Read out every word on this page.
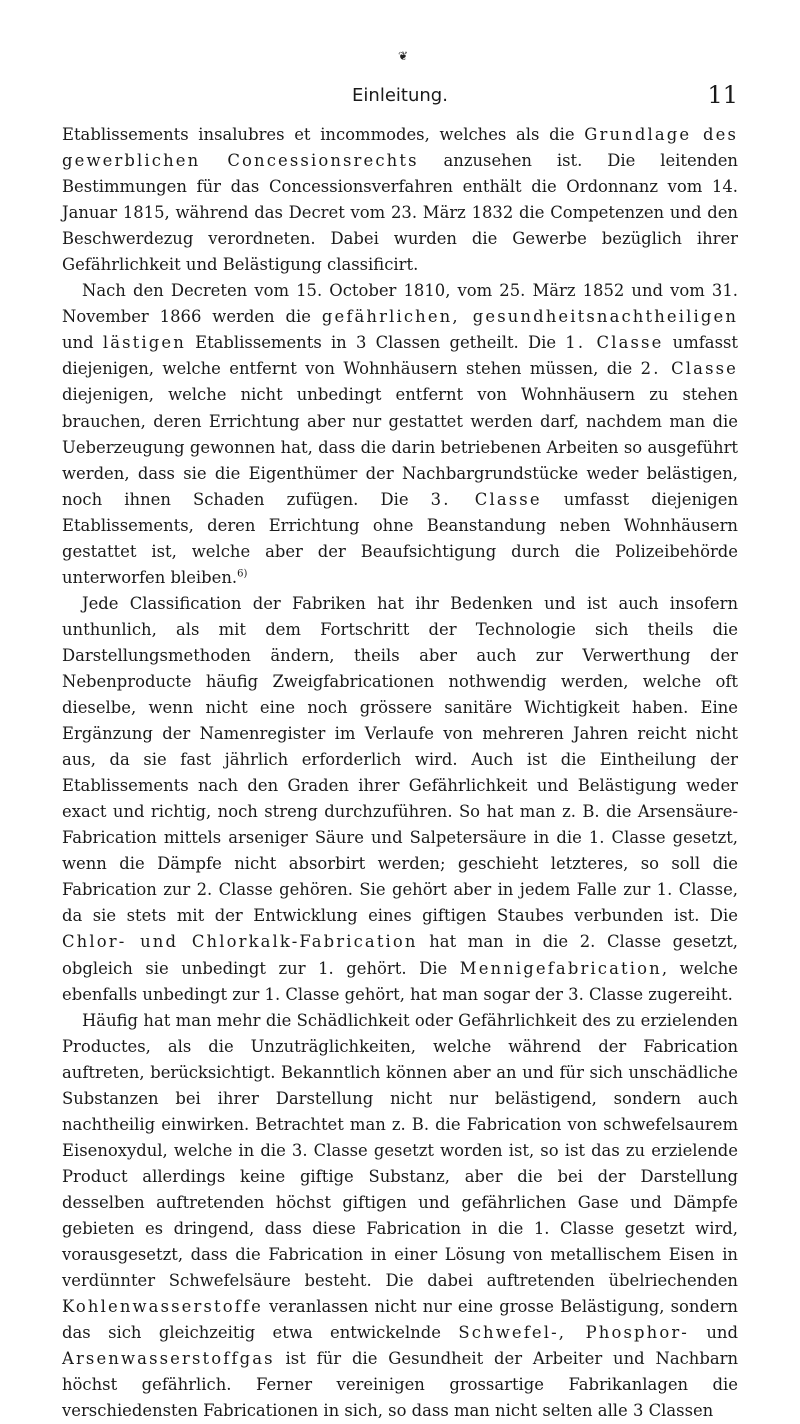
❦
Einleitung.	11

Etablissements insalubres et incommodes, welches als die Grundlage des gewerblichen Concessionsrechts anzusehen ist. Die leitenden Bestimmungen für das Concessionsverfahren enthält die Ordonnanz vom 14. Januar 1815, während das Decret vom 23. März 1832 die Competenzen und den Beschwerdezug verordneten. Dabei wurden die Gewerbe bezüglich ihrer Gefährlichkeit und Belästigung classificirt.

Nach den Decreten vom 15. October 1810, vom 25. März 1852 und vom 31. November 1866 werden die gefährlichen, gesundheitsnachtheiligen und lästigen Etablissements in 3 Classen getheilt. Die 1. Classe umfasst diejenigen, welche entfernt von Wohnhäusern stehen müssen, die 2. Classe diejenigen, welche nicht unbedingt entfernt von Wohnhäusern zu stehen brauchen, deren Errichtung aber nur gestattet werden darf, nachdem man die Ueberzeugung gewonnen hat, dass die darin betriebenen Arbeiten so ausgeführt werden, dass sie die Eigenthümer der Nachbargrundstücke weder belästigen, noch ihnen Schaden zufügen. Die 3. Classe umfasst diejenigen Etablissements, deren Errichtung ohne Beanstandung neben Wohnhäusern gestattet ist, welche aber der Beaufsichtigung durch die Polizeibehörde unterworfen bleiben.$^{6)}$

Jede Classification der Fabriken hat ihr Bedenken und ist auch insofern unthunlich, als mit dem Fortschritt der Technologie sich theils die Darstellungsmethoden ändern, theils aber auch zur Verwerthung der Nebenproducte häufig Zweigfabricationen nothwendig werden, welche oft dieselbe, wenn nicht eine noch grössere sanitäre Wichtigkeit haben. Eine Ergänzung der Namenregister im Verlaufe von mehreren Jahren reicht nicht aus, da sie fast jährlich erforderlich wird. Auch ist die Eintheilung der Etablissements nach den Graden ihrer Gefährlichkeit und Belästigung weder exact und richtig, noch streng durchzuführen. So hat man z. B. die Arsensäure-Fabrication mittels arseniger Säure und Salpetersäure in die 1. Classe gesetzt, wenn die Dämpfe nicht absorbirt werden; geschieht letzteres, so soll die Fabrication zur 2. Classe gehören. Sie gehört aber in jedem Falle zur 1. Classe, da sie stets mit der Entwicklung eines giftigen Staubes verbunden ist. Die Chlor- und Chlorkalk-Fabrication hat man in die 2. Classe gesetzt, obgleich sie unbedingt zur 1. gehört. Die Mennigefabrication, welche ebenfalls unbedingt zur 1. Classe gehört, hat man sogar der 3. Classe zugereiht.

Häufig hat man mehr die Schädlichkeit oder Gefährlichkeit des zu erzielenden Productes, als die Unzuträglichkeiten, welche während der Fabrication auftreten, berücksichtigt. Bekanntlich können aber an und für sich unschädliche Substanzen bei ihrer Darstellung nicht nur belästigend, sondern auch nachtheilig einwirken. Betrachtet man z. B. die Fabrication von schwefelsaurem Eisenoxydul, welche in die 3. Classe gesetzt worden ist, so ist das zu erzielende Product allerdings keine giftige Substanz, aber die bei der Darstellung desselben auftretenden höchst giftigen und gefährlichen Gase und Dämpfe gebieten es dringend, dass diese Fabrication in die 1. Classe gesetzt wird, vorausgesetzt, dass die Fabrication in einer Lösung von metallischem Eisen in verdünnter Schwefelsäure besteht. Die dabei auftretenden übelriechenden Kohlenwasserstoffe veranlassen nicht nur eine grosse Belästigung, sondern das sich gleichzeitig etwa entwickelnde Schwefel-, Phosphor- und Arsenwasserstoffgas ist für die Gesundheit der Arbeiter und Nachbarn höchst gefährlich. Ferner vereinigen grossartige Fabrikanlagen die verschiedensten Fabricationen in sich, so dass man nicht selten alle 3 Classen
